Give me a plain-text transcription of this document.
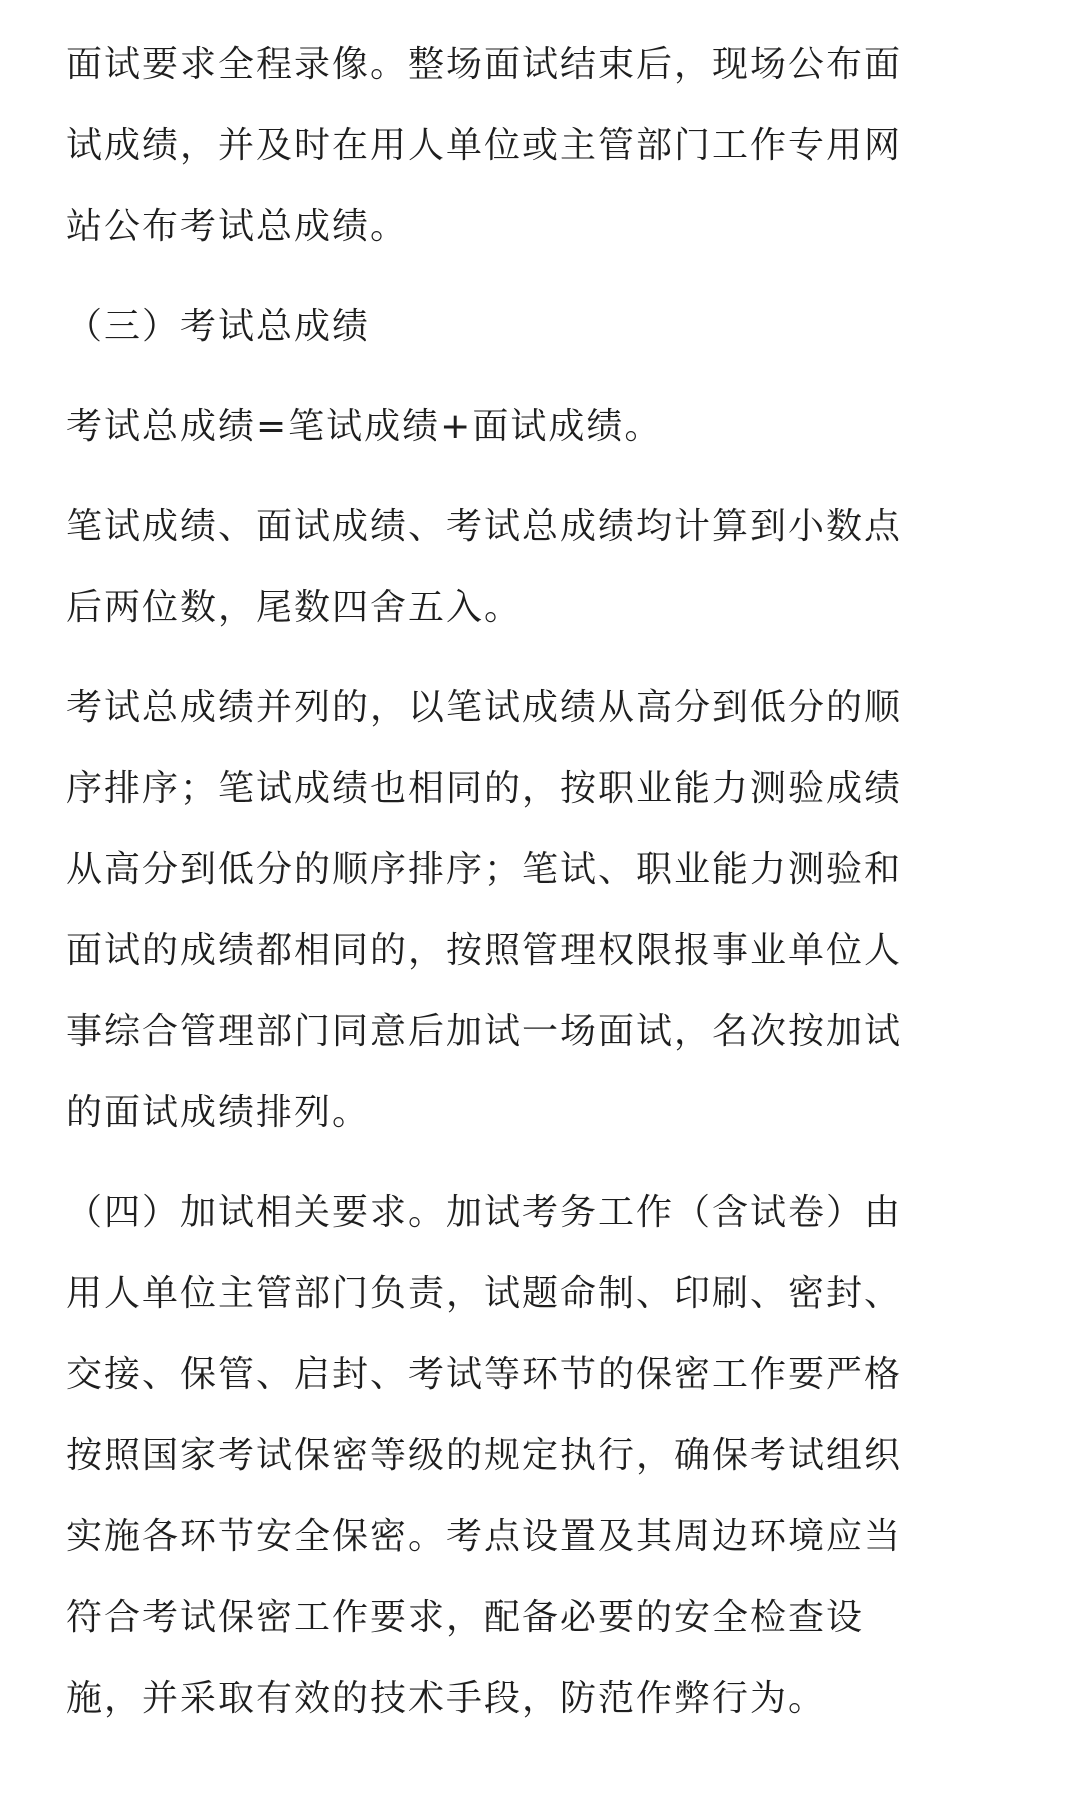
面试要求全程录像。整场面试结束后，现场公布面
试成绩，并及时在用人单位或主管部门工作专用网
站公布考试总成绩。

（三）考试总成绩

考试总成绩=笔试成绩+面试成绩。

笔试成绩、面试成绩、考试总成绩均计算到小数点
后两位数，尾数四舍五入。

考试总成绩并列的，以笔试成绩从高分到低分的顺
序排序；笔试成绩也相同的，按职业能力测验成绩
从高分到低分的顺序排序；笔试、职业能力测验和
面试的成绩都相同的，按照管理权限报事业单位人
事综合管理部门同意后加试一场面试，名次按加试
的面试成绩排列。

（四）加试相关要求。加试考务工作（含试卷）由
用人单位主管部门负责，试题命制、印刷、密封、
交接、保管、启封、考试等环节的保密工作要严格
按照国家考试保密等级的规定执行，确保考试组织
实施各环节安全保密。考点设置及其周边环境应当
符合考试保密工作要求，配备必要的安全检查设
施，并采取有效的技术手段，防范作弊行为。
